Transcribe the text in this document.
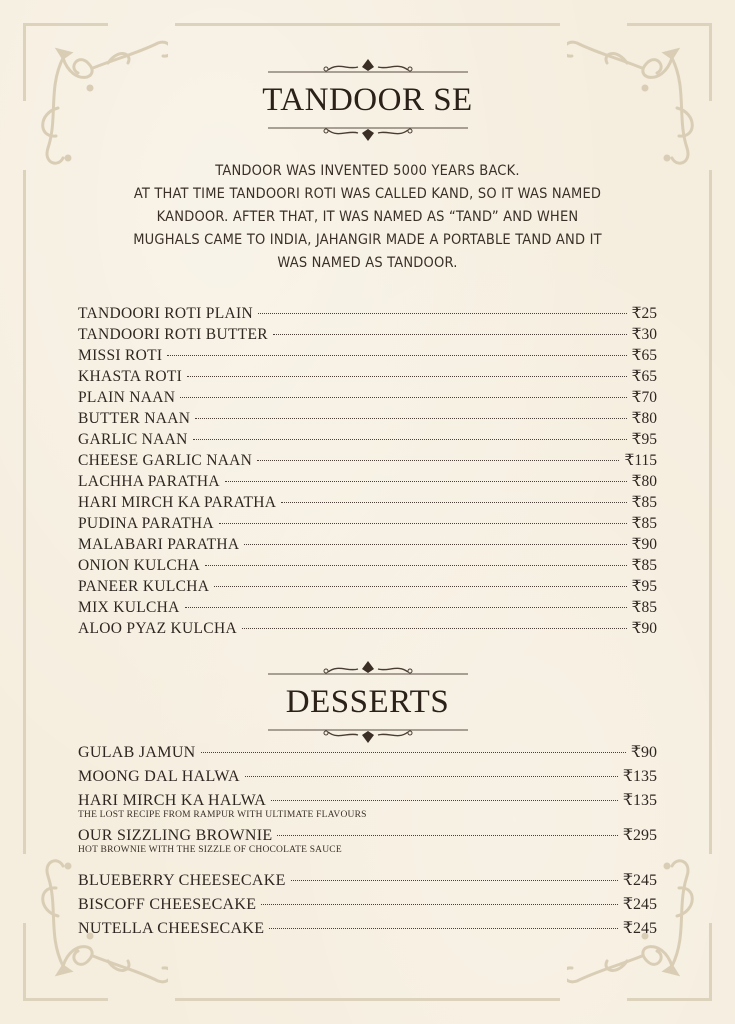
TANDOOR SE

TANDOOR WAS INVENTED 5000 YEARS BACK.

AT THAT TIME TANDOORI ROTI WAS CALLED KAND, SO IT WAS NAMED

KANDOOR. AFTER THAT, IT WAS NAMED AS “TAND” AND WHEN

MUGHALS CAME TO INDIA, JAHANGIR MADE A PORTABLE TAND AND IT

WAS NAMED AS TANDOOR.

TANDOORI ROTI PLAIN	₹25
TANDOORI ROTI BUTTER	₹30
MISSI ROTI	₹65
KHASTA ROTI	₹65
PLAIN NAAN	₹70
BUTTER NAAN	₹80
GARLIC NAAN	₹95
CHEESE GARLIC NAAN	₹115
LACHHA PARATHA	₹80
HARI MIRCH KA PARATHA	₹85
PUDINA PARATHA	₹85
MALABARI PARATHA	₹90
ONION KULCHA	₹85
PANEER KULCHA	₹95
MIX KULCHA	₹85
ALOO PYAZ KULCHA	₹90
DESSERTS
GULAB JAMUN	₹90
MOONG DAL HALWA	₹135
HARI MIRCH KA HALWA	₹135
THE LOST RECIPE FROM RAMPUR WITH ULTIMATE FLAVOURS
OUR SIZZLING BROWNIE	₹295
HOT BROWNIE WITH THE SIZZLE OF CHOCOLATE SAUCE
BLUEBERRY CHEESECAKE	₹245
BISCOFF CHEESECAKE	₹245
NUTELLA CHEESECAKE	₹245
